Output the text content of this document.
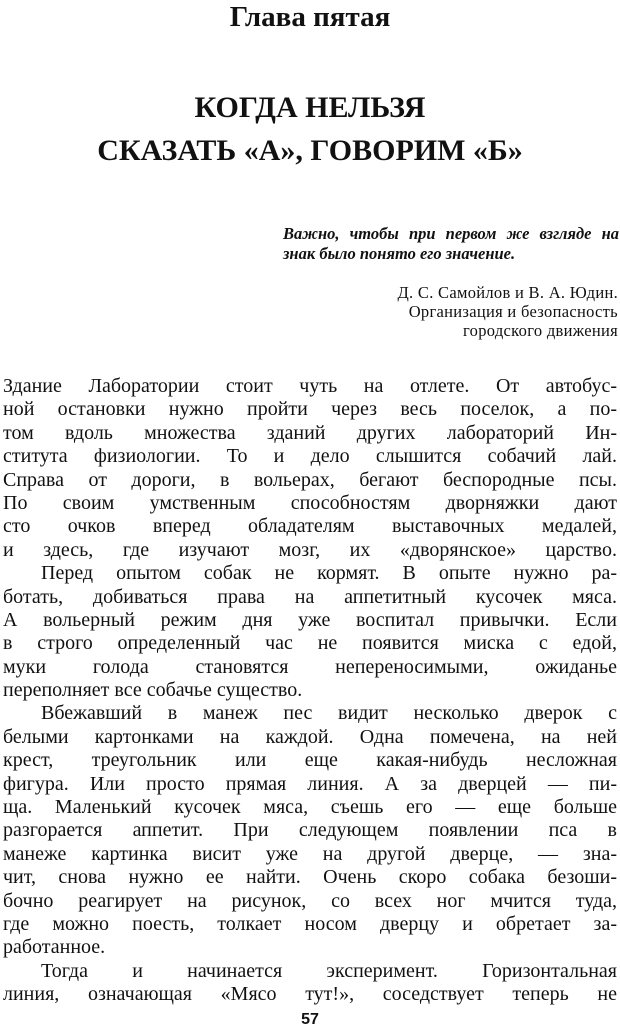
Глава пятая
КОГДА НЕЛЬЗЯ
СКАЗАТЬ «А», ГОВОРИМ «Б»
Важно, чтобы при первом же взгляде на знак было понято его значение.
Д. С. Самойлов и В. А. Юдин.
Организация и безопасность
городского движения
Здание Лаборатории стоит чуть на отлете. От автобус-
ной остановки нужно пройти через весь поселок, а по-
том вдоль множества зданий других лабораторий Ин-
ститута физиологии. То и дело слышится собачий лай.
Справа от дороги, в вольерах, бегают беспородные псы.
По своим умственным способностям дворняжки дают
сто очков вперед обладателям выставочных медалей,
и здесь, где изучают мозг, их «дворянское» царство.
Перед опытом собак не кормят. В опыте нужно ра-
ботать, добиваться права на аппетитный кусочек мяса.
А вольерный режим дня уже воспитал привычки. Если
в строго определенный час не появится миска с едой,
муки голода становятся непереносимыми, ожиданье
переполняет все собачье существо.
Вбежавший в манеж пес видит несколько дверок с
белыми картонками на каждой. Одна помечена, на ней
крест, треугольник или еще какая-нибудь несложная
фигура. Или просто прямая линия. А за дверцей — пи-
ща. Маленький кусочек мяса, съешь его — еще больше
разгорается аппетит. При следующем появлении пса в
манеже картинка висит уже на другой дверце, — зна-
чит, снова нужно ее найти. Очень скоро собака безоши-
бочно реагирует на рисунок, со всех ног мчится туда,
где можно поесть, толкает носом дверцу и обретает за-
работанное.
Тогда и начинается эксперимент. Горизонтальная
линия, означающая «Мясо тут!», соседствует теперь не
57
